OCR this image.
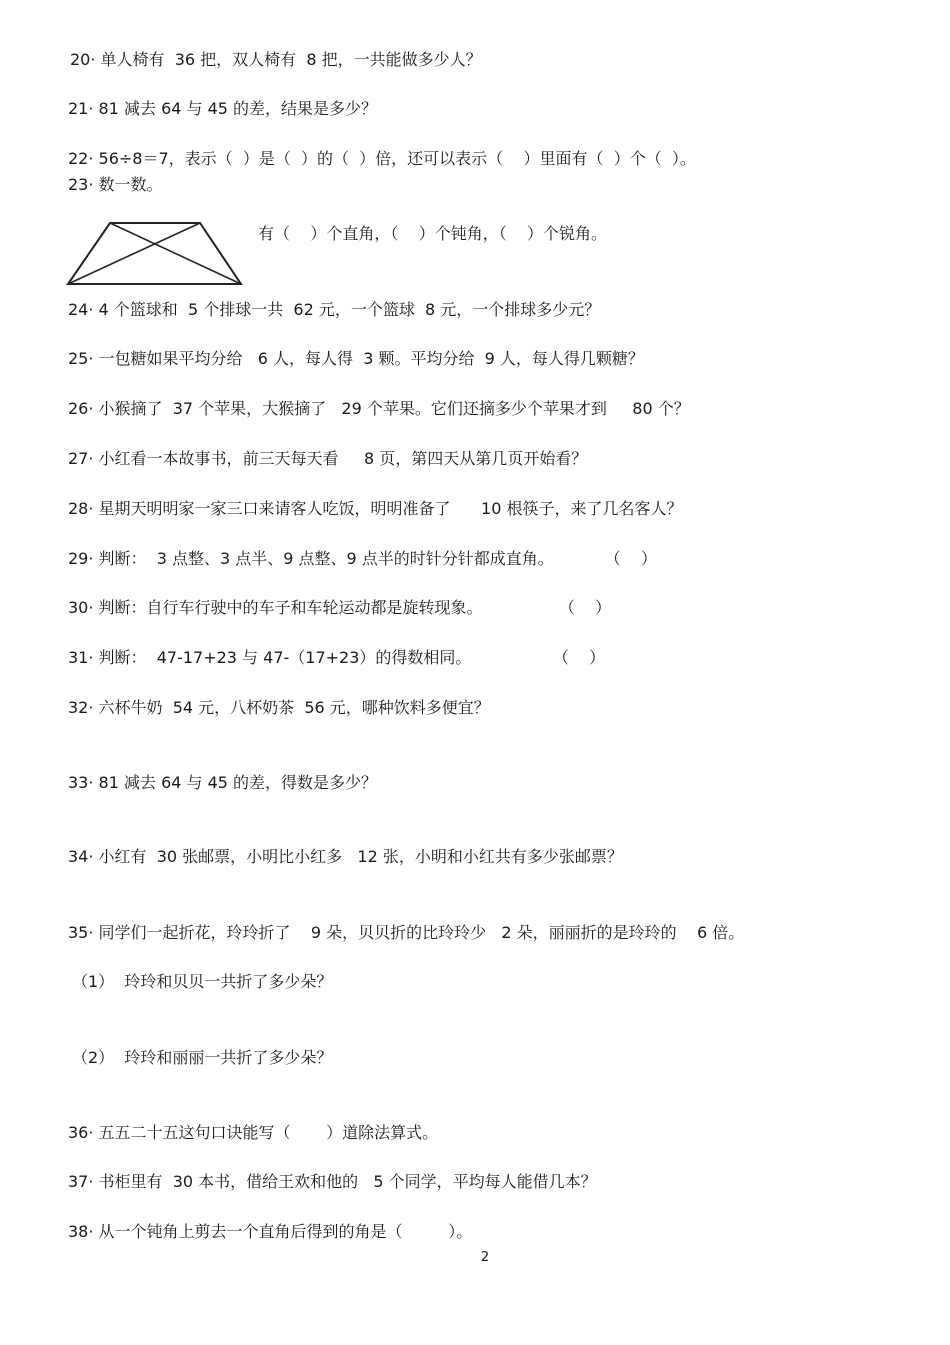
20· 单人椅有  36 把，双人椅有  8 把，一共能做多少人？
21· 81 减去 64 与 45 的差，结果是多少？
22· 56÷8＝7，表示（  ）是（  ）的（  ）倍，还可以表示（    ）里面有（  ）个（  ）。
23· 数一数。
有（    ）个直角，（    ）个钝角，（    ）个锐角。
24· 4 个篮球和  5 个排球一共  62 元，一个篮球  8 元，一个排球多少元？
25· 一包糖如果平均分给   6 人，每人得  3 颗。平均分给  9 人，每人得几颗糖？
26· 小猴摘了  37 个苹果，大猴摘了   29 个苹果。它们还摘多少个苹果才到     80 个？
27· 小红看一本故事书，前三天每天看     8 页，第四天从第几页开始看？
28· 星期天明明家一家三口来请客人吃饭，明明准备了      10 根筷子，来了几名客人？
29· 判断：  3 点整、3 点半、9 点整、9 点半的时针分针都成直角。          （    ）
30· 判断：自行车行驶中的车子和车轮运动都是旋转现象。               （    ）
31· 判断：  47-17+23 与 47-（17+23）的得数相同。                （    ）
32· 六杯牛奶  54 元，八杯奶茶  56 元，哪种饮料多便宜？
33· 81 减去 64 与 45 的差，得数是多少？
34· 小红有  30 张邮票，小明比小红多   12 张，小明和小红共有多少张邮票？
35· 同学们一起折花，玲玲折了    9 朵，贝贝折的比玲玲少   2 朵，丽丽折的是玲玲的    6 倍。
（1）  玲玲和贝贝一共折了多少朵？
（2）  玲玲和丽丽一共折了多少朵？
36· 五五二十五这句口诀能写（       ）道除法算式。
37· 书柜里有  30 本书，借给王欢和他的   5 个同学，平均每人能借几本？
38· 从一个钝角上剪去一个直角后得到的角是（         ）。
2
